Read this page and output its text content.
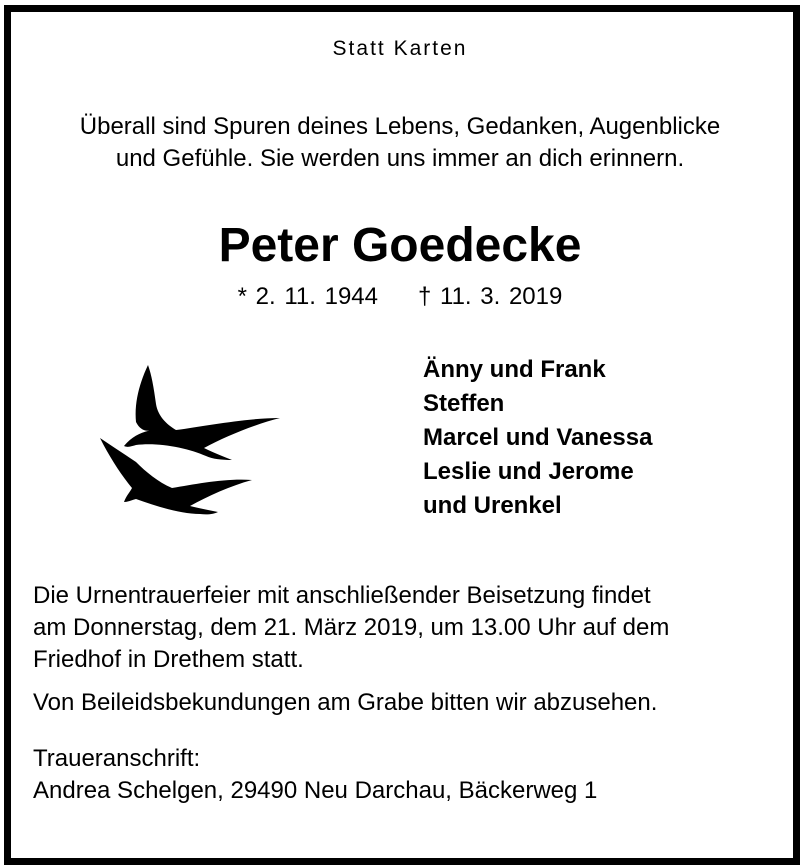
Statt Karten
Überall sind Spuren deines Lebens, Gedanken, Augenblicke
und Gefühle. Sie werden uns immer an dich erinnern.
Peter Goedecke
* 2. 11. 1944 † 11. 3. 2019
Änny und Frank
Steffen
Marcel und Vanessa
Leslie und Jerome
und Urenkel
Die Urnentrauerfeier mit anschließender Beisetzung findet
am Donnerstag, dem 21. März 2019, um 13.00 Uhr auf dem
Friedhof in Drethem statt.
Von Beileidsbekundungen am Grabe bitten wir abzusehen.
Traueranschrift:
Andrea Schelgen, 29490 Neu Darchau, Bäckerweg 1
